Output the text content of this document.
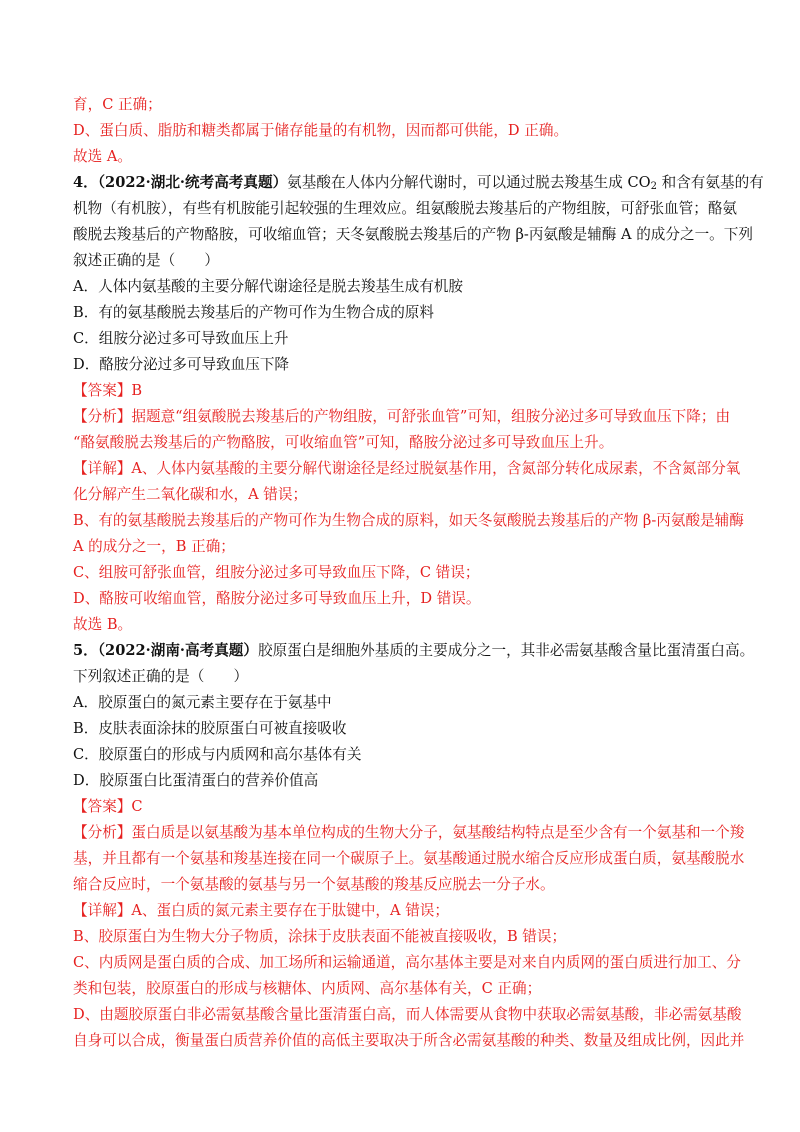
育，C 正确；
D、蛋白质、脂肪和糖类都属于储存能量的有机物，因而都可供能，D 正确。
故选 A。
4．（2022·湖北·统考高考真题）氨基酸在人体内分解代谢时，可以通过脱去羧基生成 $CO_2$ 和含有氨基的有
机物（有机胺），有些有机胺能引起较强的生理效应。组氨酸脱去羧基后的产物组胺，可舒张血管；酪氨
酸脱去羧基后的产物酪胺，可收缩血管；天冬氨酸脱去羧基后的产物 β-丙氨酸是辅酶 A 的成分之一。下列
叙述正确的是（　　）
A．人体内氨基酸的主要分解代谢途径是脱去羧基生成有机胺
B．有的氨基酸脱去羧基后的产物可作为生物合成的原料
C．组胺分泌过多可导致血压上升
D．酪胺分泌过多可导致血压下降
【答案】B
【分析】据题意“组氨酸脱去羧基后的产物组胺，可舒张血管”可知，组胺分泌过多可导致血压下降；由
“酪氨酸脱去羧基后的产物酪胺，可收缩血管”可知，酪胺分泌过多可导致血压上升。
【详解】A、人体内氨基酸的主要分解代谢途径是经过脱氨基作用，含氮部分转化成尿素，不含氮部分氧
化分解产生二氧化碳和水，A 错误；
B、有的氨基酸脱去羧基后的产物可作为生物合成的原料，如天冬氨酸脱去羧基后的产物 β-丙氨酸是辅酶
A 的成分之一，B 正确；
C、组胺可舒张血管，组胺分泌过多可导致血压下降，C 错误；
D、酪胺可收缩血管，酪胺分泌过多可导致血压上升，D 错误。
故选 B。
5．（2022·湖南·高考真题）胶原蛋白是细胞外基质的主要成分之一，其非必需氨基酸含量比蛋清蛋白高。
下列叙述正确的是（　　）
A．胶原蛋白的氮元素主要存在于氨基中
B．皮肤表面涂抹的胶原蛋白可被直接吸收
C．胶原蛋白的形成与内质网和高尔基体有关
D．胶原蛋白比蛋清蛋白的营养价值高
【答案】C
【分析】蛋白质是以氨基酸为基本单位构成的生物大分子，氨基酸结构特点是至少含有一个氨基和一个羧
基，并且都有一个氨基和羧基连接在同一个碳原子上。氨基酸通过脱水缩合反应形成蛋白质，氨基酸脱水
缩合反应时，一个氨基酸的氨基与另一个氨基酸的羧基反应脱去一分子水。
【详解】A、蛋白质的氮元素主要存在于肽键中，A 错误；
B、胶原蛋白为生物大分子物质，涂抹于皮肤表面不能被直接吸收，B 错误；
C、内质网是蛋白质的合成、加工场所和运输通道，高尔基体主要是对来自内质网的蛋白质进行加工、分
类和包装，胶原蛋白的形成与核糖体、内质网、高尔基体有关，C 正确；
D、由题胶原蛋白非必需氨基酸含量比蛋清蛋白高，而人体需要从食物中获取必需氨基酸，非必需氨基酸
自身可以合成，衡量蛋白质营养价值的高低主要取决于所含必需氨基酸的种类、数量及组成比例，因此并
